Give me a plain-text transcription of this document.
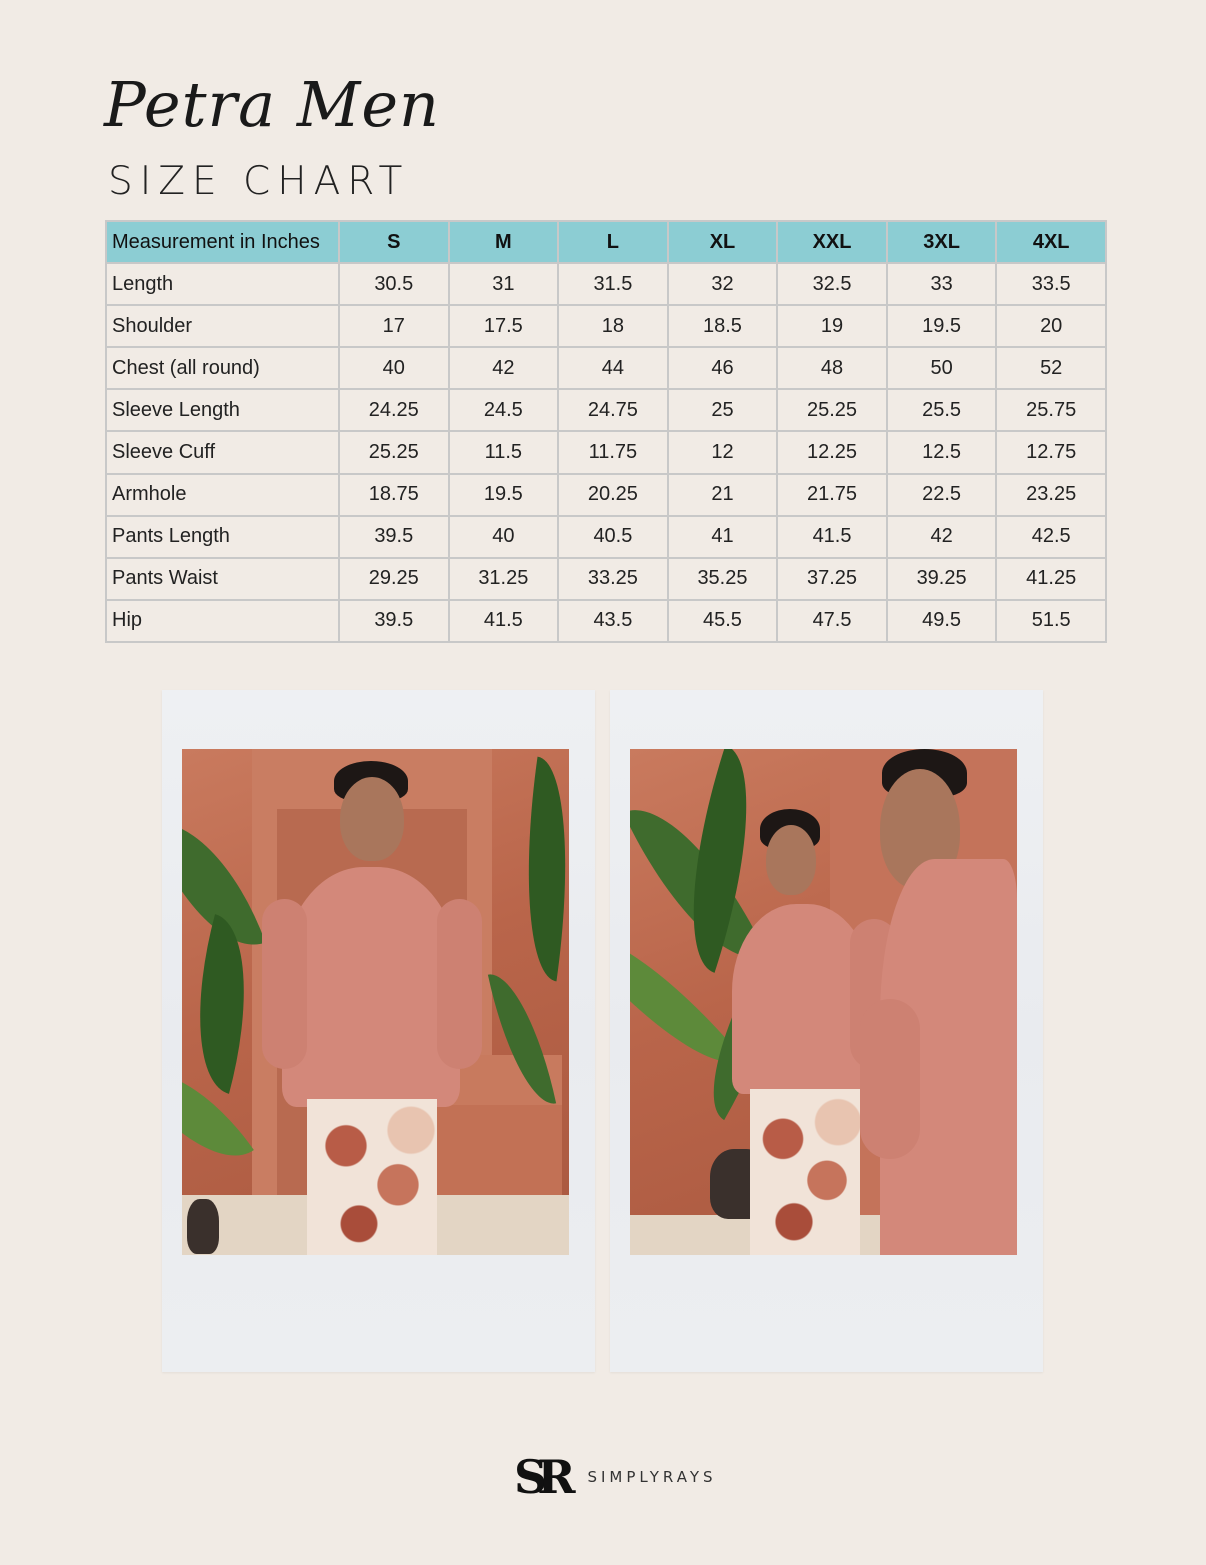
Petra Men
SIZE CHART
Measurement in Inches	S	M	L	XL	XXL	3XL	4XL
Length	30.5	31	31.5	32	32.5	33	33.5
Shoulder	17	17.5	18	18.5	19	19.5	20
Chest (all round)	40	42	44	46	48	50	52
Sleeve Length	24.25	24.5	24.75	25	25.25	25.5	25.75
Sleeve Cuff	25.25	11.5	11.75	12	12.25	12.5	12.75
Armhole	18.75	19.5	20.25	21	21.75	22.5	23.25
Pants Length	39.5	40	40.5	41	41.5	42	42.5
Pants Waist	29.25	31.25	33.25	35.25	37.25	39.25	41.25
Hip	39.5	41.5	43.5	45.5	47.5	49.5	51.5
SR SIMPLYRAYS
